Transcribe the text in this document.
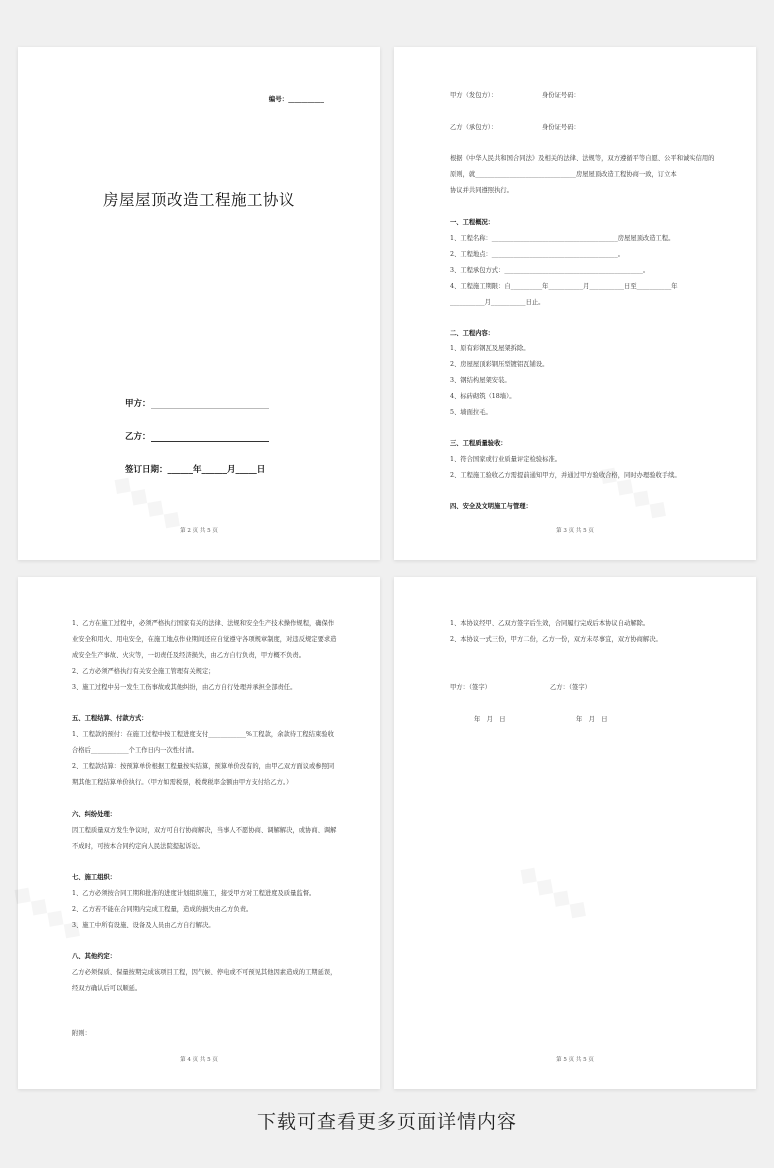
编号：___________
房屋屋顶改造工程施工协议
甲方：
乙方：
签订日期：______年______月_____日
第 2 页 共 5 页
甲方（发包方）：	身份证号码：
乙方（承包方）：	身份证号码：
根据《中华人民共和国合同法》及相关的法律、法规等，双方遵循平等自愿、公平和诚实信用的
原则，就________________________________房屋屋顶改造工程协商一致，订立本
协议并共同遵照执行。
一、工程概况：
1、工程名称：________________________________________房屋屋顶改造工程。
2、工程地点：________________________________________。
3、工程承包方式：____________________________________________。
4、工程施工期限：自__________年___________月___________日至___________年
___________月___________日止。
二、工程内容：
1、原有彩钢瓦及屋架拆除。
2、房屋屋顶彩钢压型镀铝瓦铺设。
3、钢结构屋架安装。
4、标砖砌筑（18墙）。
5、墙面拉毛。
三、工程质量验收：
1、符合国家或行业质量评定检验标准。
2、工程施工验收乙方需提前通知甲方，并通过甲方验收合格，同时办理验收手续。
四、安全及文明施工与管理：
第 3 页 共 5 页
1、乙方在施工过程中，必须严格执行国家有关的法律、法规和安全生产技术操作规程，确保作
业安全和用火、用电安全，在施工地点作业期间还应自觉遵守各项规章制度，对违反规定要求造
成安全生产事故、火灾等，一切责任及经济损失，由乙方自行负责，甲方概不负责。
2、乙方必须严格执行有关安全施工管理有关规定；
3、施工过程中另一发生工伤事故或其他纠纷，由乙方自行处理并承担全部责任。
五、工程结算、付款方式：
1、工程款的预付：在施工过程中按工程进度支付____________%工程款，余款待工程结束验收
合格后____________个工作日内一次性付清。
2、工程款结算：按预算单价根据工程量按实结算，预算单价没有的，由甲乙双方面议或参照同
期其他工程结算单价执行。（甲方如需税票，税费税率金额由甲方支付给乙方。）
六、纠纷处理：
因工程质量双方发生争议时，双方可自行协商解决，当事人不愿协商、调解解决，或协商、调解
不成时，可按本合同约定向人民法院提起诉讼。
七、施工组织：
1、乙方必须按合同工期和批准的进度计划组织施工，接受甲方对工程进度及质量监督。
2、乙方若不能在合同期内完成工程量，造成的损失由乙方负责。
3、施工中所有设施、设备及人员由乙方自行解决。
八、其他约定：
乙方必须保质、保量按期完成该项目工程，因气候、停电或不可预见其他因素造成的工期延误，
经双方确认后可以顺延。
附则：
第 4 页 共 5 页
1、本协议经甲、乙双方签字后生效，合同履行完成后本协议自动解除。
2、本协议一式三份，甲方二份，乙方一份，双方未尽事宜，双方协商解决。
甲方：（签字）	乙方：（签字）
年　月　日	年　月　日
第 5 页 共 5 页
下载可查看更多页面详情内容
